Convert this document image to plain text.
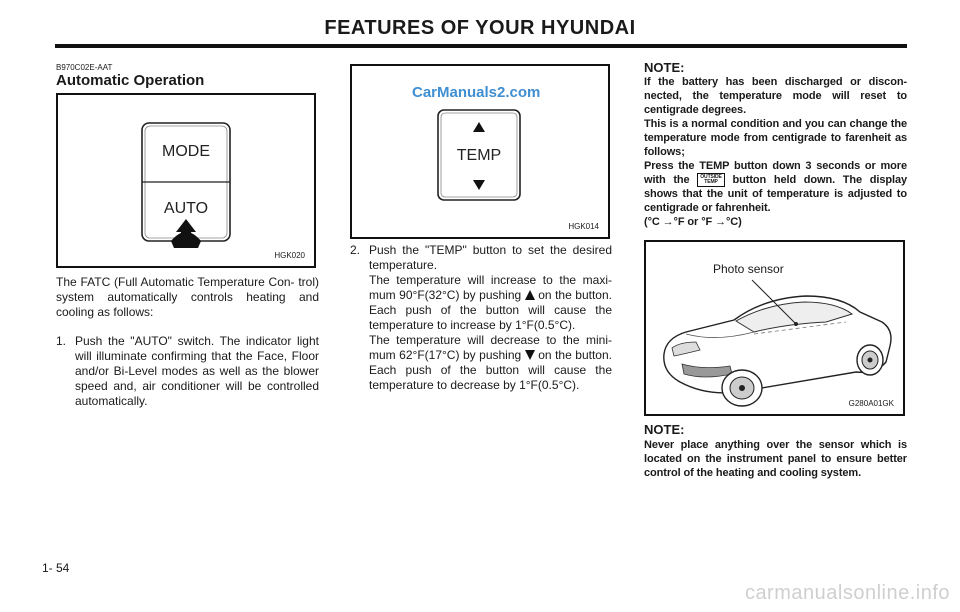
FEATURES OF YOUR HYUNDAI
B970C02E-AAT
Automatic Operation
MODE
AUTO
HGK020
The FATC (Full Automatic Temperature Con- trol) system automatically controls heating and cooling as follows:
1. Push the "AUTO" switch. The indicator light will illuminate confirming that the Face, Floor and/or Bi-Level modes as well as the blower speed and, air conditioner will be controlled automatically.
TEMP
HGK014
CarManuals2.com
2. Push the "TEMP" button to set the desired temperature.
The temperature will increase to the maxi- mum 90°F(32°C) by pushing on the button. Each push of the button will cause the temperature to increase by 1°F(0.5°C).
The temperature will decrease to the mini- mum 62°F(17°C) by pushing on the button. Each push of the button will cause the temperature to decrease by 1°F(0.5°C).
NOTE:
If the battery has been discharged or discon- nected, the temperature mode will reset to centigrade degrees.
This is a normal condition and you can change the temperature mode from centigrade to farenheit as follows;
Press the TEMP button down 3 seconds or more with the OUTSIDE
TEMP button held down. The display shows that the unit of temperature is adjusted to centigrade or fahrenheit.
(°C →°F or °F →°C)
Photo sensor
G280A01GK
NOTE:
Never place anything over the sensor which is located on the instrument panel to ensure better control of the heating and cooling system.
1- 54
carmanualsonline.info
